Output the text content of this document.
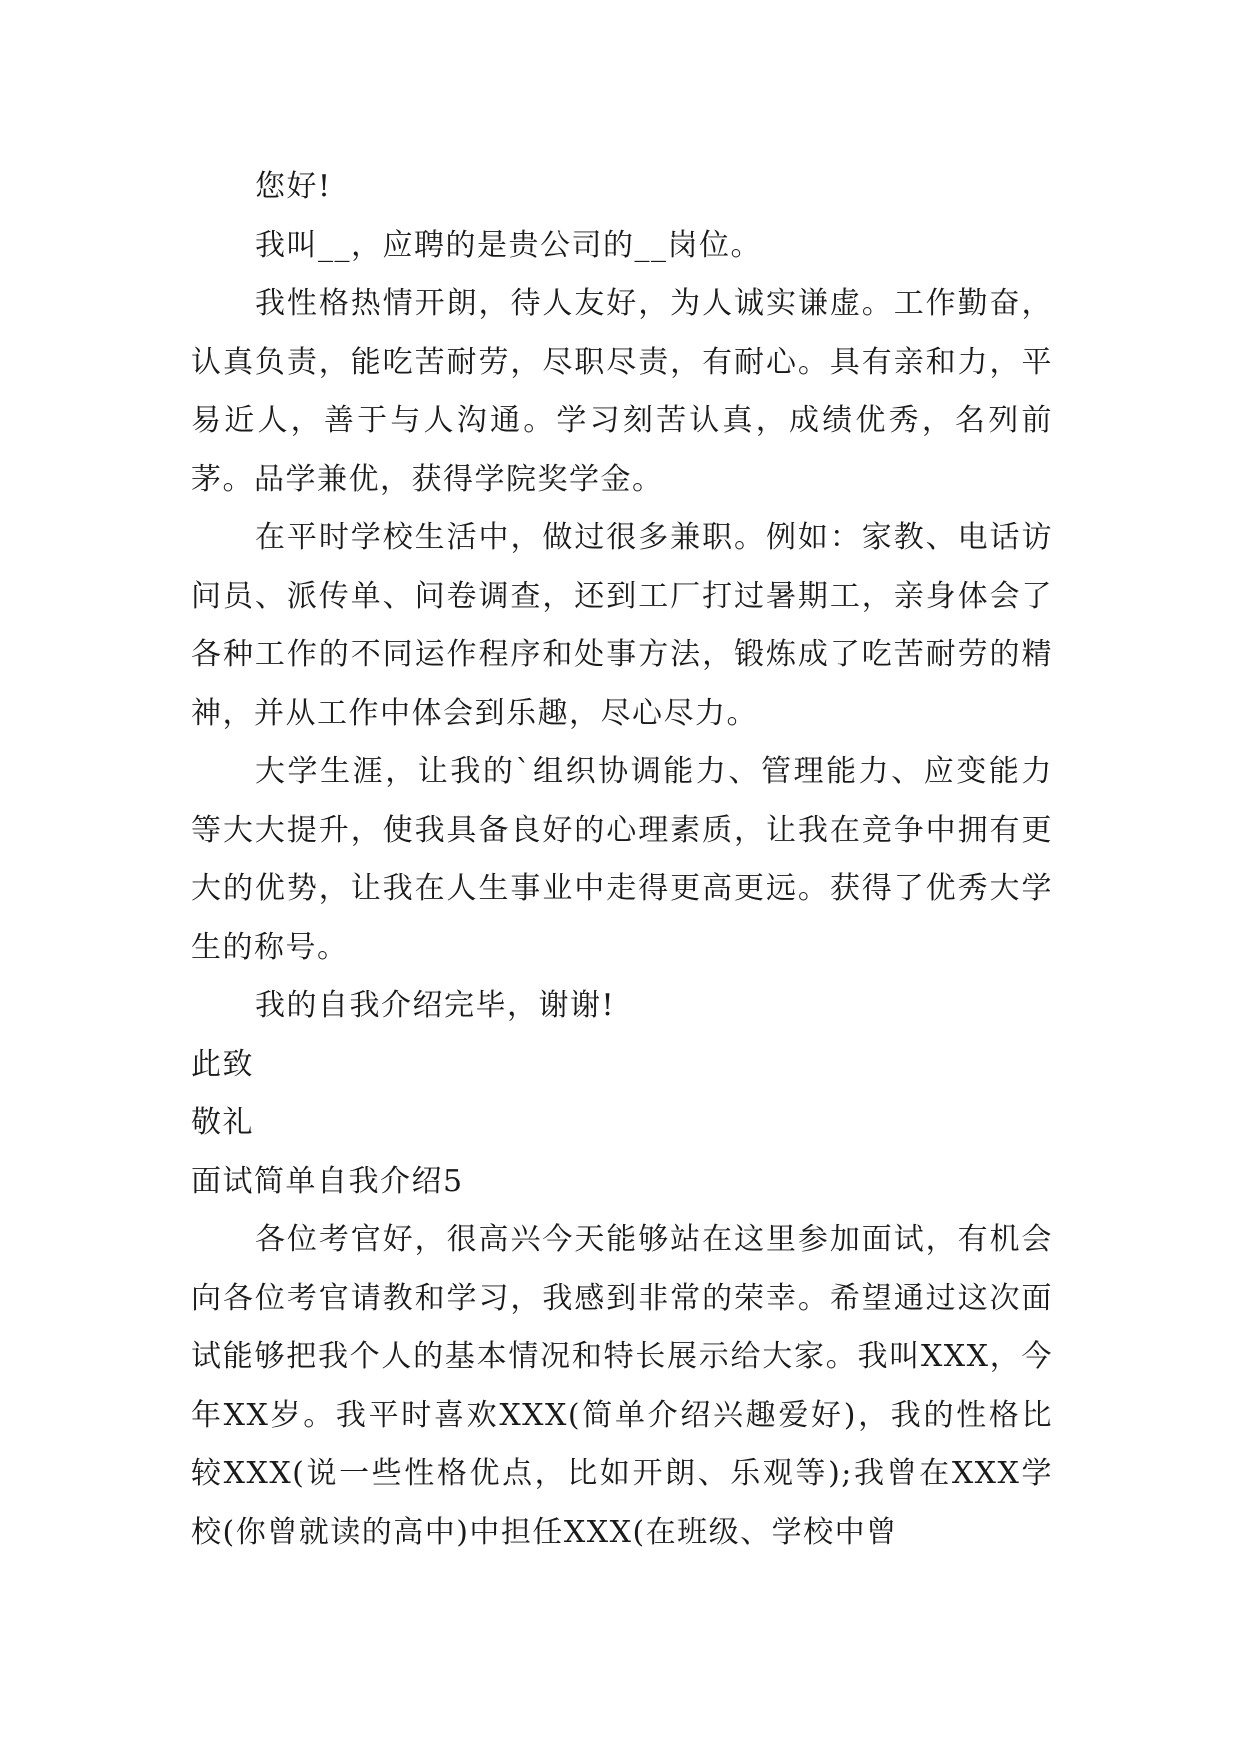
您好!

我叫__，应聘的是贵公司的__岗位。

我性格热情开朗，待人友好，为人诚实谦虚。工作勤奋，认真负责，能吃苦耐劳，尽职尽责，有耐心。具有亲和力，平易近人，善于与人沟通。学习刻苦认真，成绩优秀，名列前茅。品学兼优，获得学院奖学金。

在平时学校生活中，做过很多兼职。例如：家教、电话访问员、派传单、问卷调查，还到工厂打过暑期工，亲身体会了各种工作的不同运作程序和处事方法，锻炼成了吃苦耐劳的精神，并从工作中体会到乐趣，尽心尽力。

大学生涯，让我的`组织协调能力、管理能力、应变能力等大大提升，使我具备良好的心理素质，让我在竞争中拥有更大的优势，让我在人生事业中走得更高更远。获得了优秀大学生的称号。

我的自我介绍完毕，谢谢!

此致

敬礼

面试简单自我介绍5

各位考官好，很高兴今天能够站在这里参加面试，有机会向各位考官请教和学习，我感到非常的荣幸。希望通过这次面试能够把我个人的基本情况和特长展示给大家。我叫XXX，今年XX岁。我平时喜欢XXX(简单介绍兴趣爱好)，我的性格比较XXX(说一些性格优点，比如开朗、乐观等);我曾在XXX学校(你曾就读的高中)中担任XXX(在班级、学校中曾
